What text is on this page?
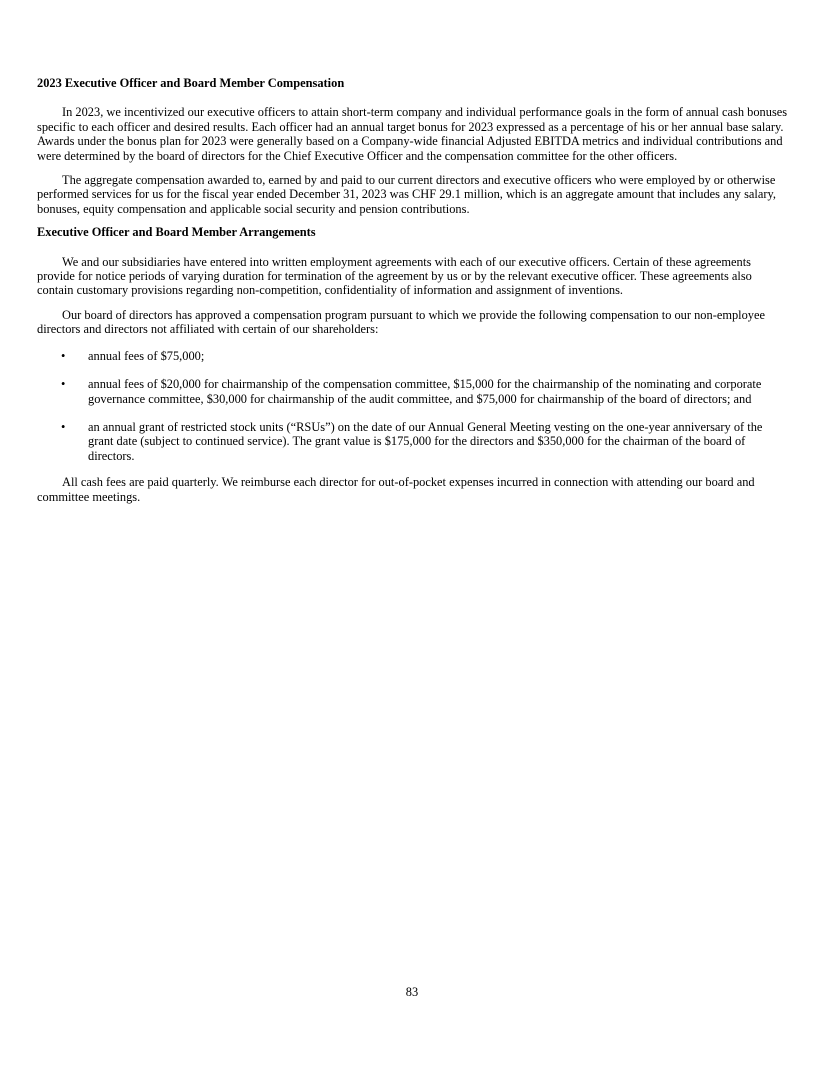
2023 Executive Officer and Board Member Compensation

In 2023, we incentivized our executive officers to attain short-term company and individual performance goals in the form of annual cash bonuses specific to each officer and desired results. Each officer had an annual target bonus for 2023 expressed as a percentage of his or her annual base salary. Awards under the bonus plan for 2023 were generally based on a Company-wide financial Adjusted EBITDA metrics and individual contributions and were determined by the board of directors for the Chief Executive Officer and the compensation committee for the other officers.

The aggregate compensation awarded to, earned by and paid to our current directors and executive officers who were employed by or otherwise performed services for us for the fiscal year ended December 31, 2023 was CHF 29.1 million, which is an aggregate amount that includes any salary, bonuses, equity compensation and applicable social security and pension contributions.

Executive Officer and Board Member Arrangements

We and our subsidiaries have entered into written employment agreements with each of our executive officers. Certain of these agreements provide for notice periods of varying duration for termination of the agreement by us or by the relevant executive officer. These agreements also contain customary provisions regarding non-competition, confidentiality of information and assignment of inventions.

Our board of directors has approved a compensation program pursuant to which we provide the following compensation to our non-employee directors and directors not affiliated with certain of our shareholders:

• annual fees of $75,000;
• annual fees of $20,000 for chairmanship of the compensation committee, $15,000 for the chairmanship of the nominating and corporate governance committee, $30,000 for chairmanship of the audit committee, and $75,000 for chairmanship of the board of directors; and
• an annual grant of restricted stock units (“RSUs”) on the date of our Annual General Meeting vesting on the one-year anniversary of the grant date (subject to continued service). The grant value is $175,000 for the directors and $350,000 for the chairman of the board of directors.

All cash fees are paid quarterly. We reimburse each director for out-of-pocket expenses incurred in connection with attending our board and committee meetings.

83
